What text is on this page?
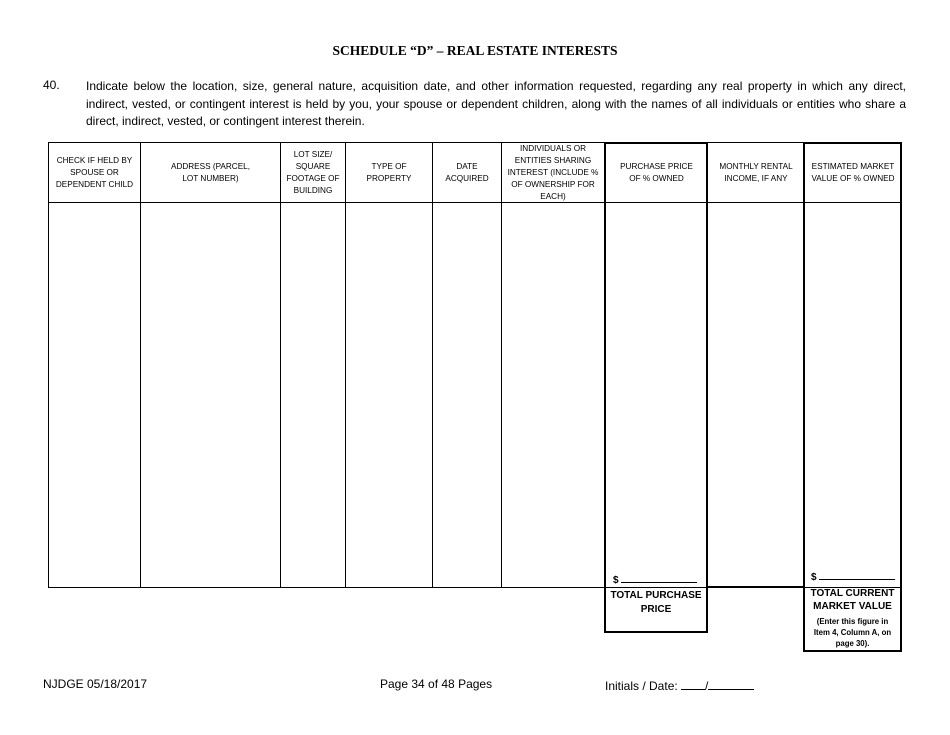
SCHEDULE “D” – REAL ESTATE INTERESTS
40. Indicate below the location, size, general nature, acquisition date, and other information requested, regarding any real property in which any direct, indirect, vested, or contingent interest is held by you, your spouse or dependent children, along with the names of all individuals or entities who share a direct, indirect, vested, or contingent interest therein.
CHECK IF HELD BY SPOUSE OR DEPENDENT CHILD
ADDRESS (PARCEL, LOT NUMBER)
LOT SIZE/ SQUARE FOOTAGE OF BUILDING
TYPE OF PROPERTY
DATE ACQUIRED
INDIVIDUALS OR ENTITIES SHARING INTEREST (INCLUDE % OF OWNERSHIP FOR EACH)
PURCHASE PRICE OF % OWNED
MONTHLY RENTAL INCOME, IF ANY
ESTIMATED MARKET VALUE OF % OWNED
$
TOTAL PURCHASE PRICE
$
TOTAL CURRENT MARKET VALUE
(Enter this figure in Item 4, Column A, on page 30).
NJDGE 05/18/2017	Page 34 of 48 Pages	Initials / Date: /
